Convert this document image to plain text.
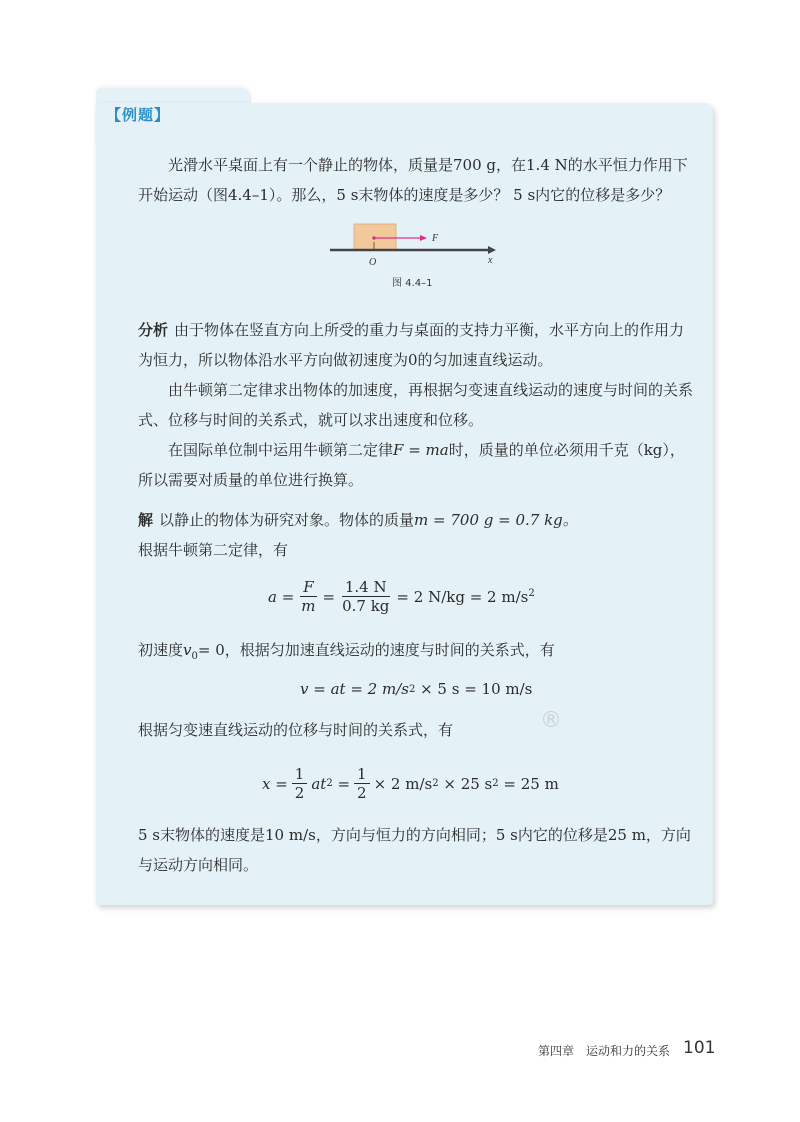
【例题】

光滑水平桌面上有一个静止的物体，质量是700 g，在1.4 N的水平恒力作用下开始运动（图4.4–1）。那么，5 s末物体的速度是多少？ 5 s内它的位移是多少？

F
O	x
图 4.4–1

分析 由于物体在竖直方向上所受的重力与桌面的支持力平衡，水平方向上的作用力为恒力，所以物体沿水平方向做初速度为0的匀加速直线运动。

由牛顿第二定律求出物体的加速度，再根据匀变速直线运动的速度与时间的关系式、位移与时间的关系式，就可以求出速度和位移。

在国际单位制中运用牛顿第二定律F = ma时，质量的单位必须用千克（kg），所以需要对质量的单位进行换算。

解 以静止的物体为研究对象。物体的质量m = 700 g = 0.7 kg。

根据牛顿第二定律，有

$a = \frac{F}{m} = \frac{1.4 N}{0.7 kg} = 2$ N/kg = 2 $m/s^2$

初速度$v_0= 0$，根据匀加速直线运动的速度与时间的关系式，有

v = at = 2 m/s 2 × 5 s = 10 m/s

根据匀变速直线运动的位移与时间的关系式，有	®
$x = \frac{1}{2}$ at $2 = \frac{1}{2} \times 2$ m/s 2 × 25 s 2 = 25 m

5 s末物体的速度是10 m/s，方向与恒力的方向相同；5 s内它的位移是25 m，方向与运动方向相同。

第四章　运动和力的关系 101
